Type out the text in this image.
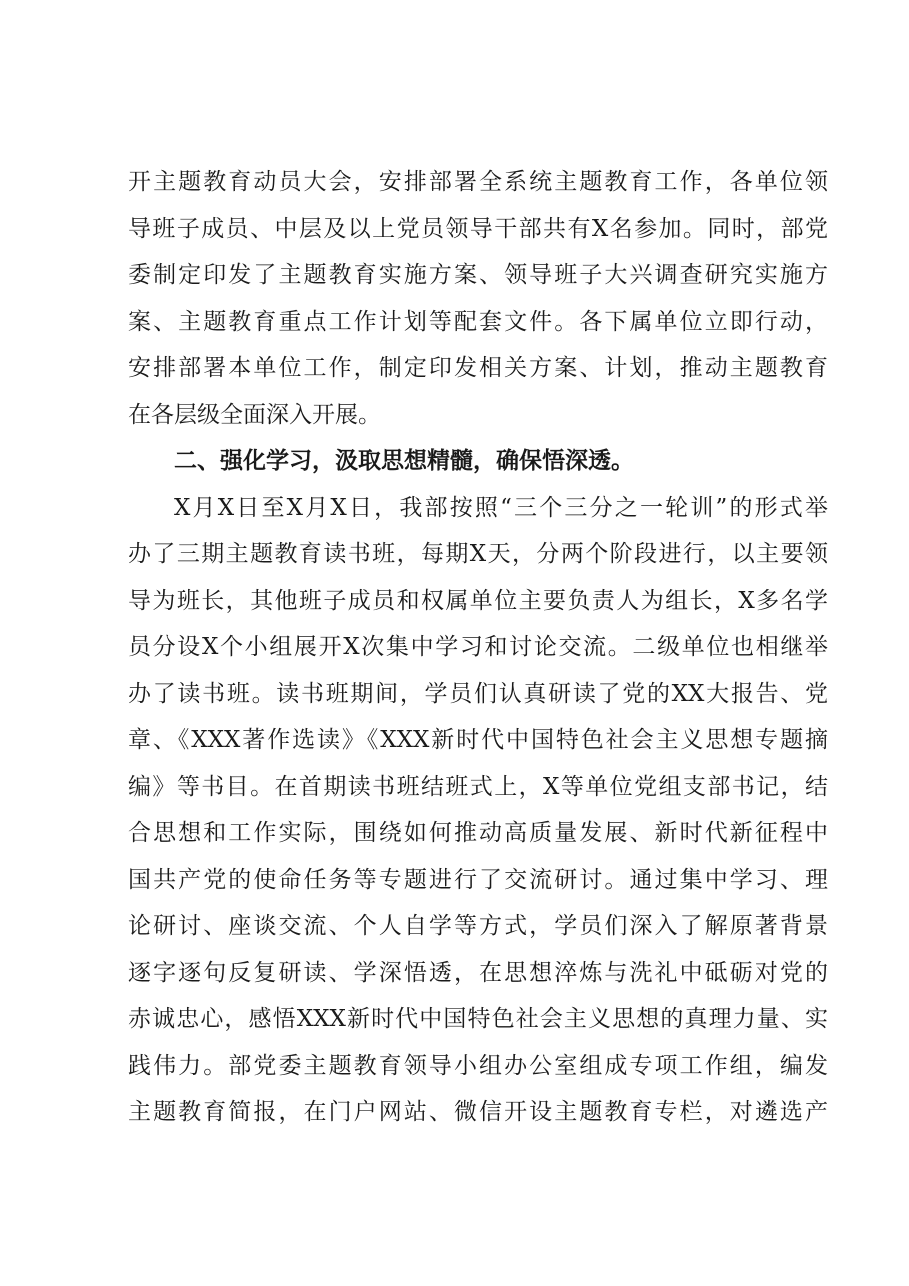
开主题教育动员大会，安排部署全系统主题教育工作，各单位领
导班子成员、中层及以上党员领导干部共有X名参加。同时，部党
委制定印发了主题教育实施方案、领导班子大兴调查研究实施方
案、主题教育重点工作计划等配套文件。各下属单位立即行动，
安排部署本单位工作，制定印发相关方案、计划，推动主题教育
在各层级全面深入开展。
二、强化学习，汲取思想精髓，确保悟深透。
X月X日至X月X日，我部按照“三个三分之一轮训”的形式举
办了三期主题教育读书班，每期X天，分两个阶段进行，以主要领
导为班长，其他班子成员和权属单位主要负责人为组长，X多名学
员分设X个小组展开X次集中学习和讨论交流。二级单位也相继举
办了读书班。读书班期间，学员们认真研读了党的XX大报告、党
章、《XXX著作选读》《XXX新时代中国特色社会主义思想专题摘
编》等书目。在首期读书班结班式上，X等单位党组支部书记，结
合思想和工作实际，围绕如何推动高质量发展、新时代新征程中
国共产党的使命任务等专题进行了交流研讨。通过集中学习、理
论研讨、座谈交流、个人自学等方式，学员们深入了解原著背景
逐字逐句反复研读、学深悟透，在思想淬炼与洗礼中砥砺对党的
赤诚忠心，感悟XXX新时代中国特色社会主义思想的真理力量、实
践伟力。部党委主题教育领导小组办公室组成专项工作组，编发
主题教育简报，在门户网站、微信开设主题教育专栏，对遴选产
